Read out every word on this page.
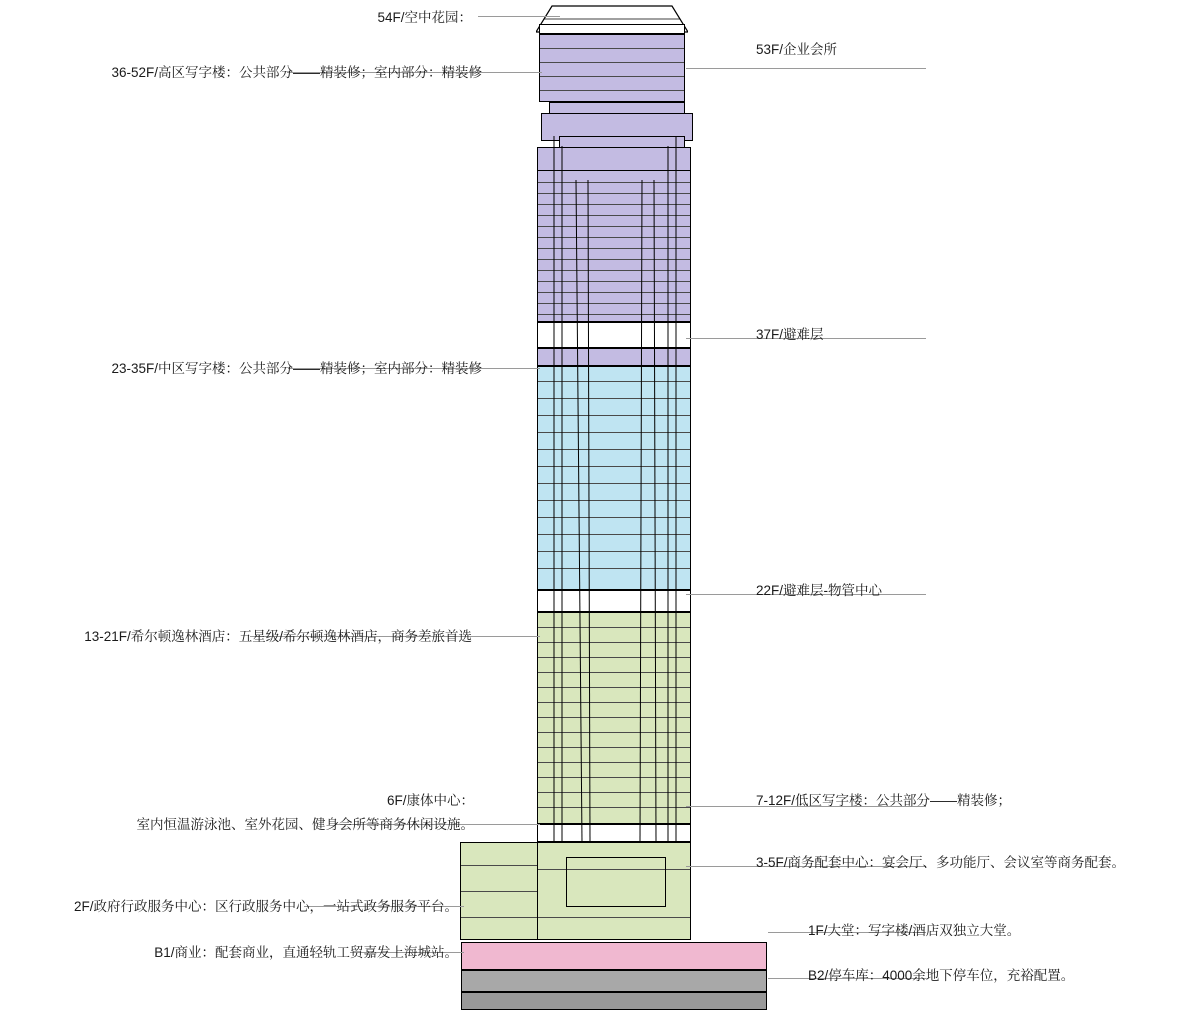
54F/空中花园：
36-52F/高区写字楼：公共部分——精装修；室内部分：精装修
23-35F/中区写字楼：公共部分——精装修；室内部分：精装修
13-21F/希尔顿逸林酒店：五星级/希尔顿逸林酒店，商务差旅首选
6F/康体中心：
室内恒温游泳池、室外花园、健身会所等商务休闲设施。
2F/政府行政服务中心：区行政服务中心，一站式政务服务平台。
B1/商业：配套商业，直通轻轨工贸嘉发上海城站。
53F/企业会所
37F/避难层
22F/避难层-物管中心
7-12F/低区写字楼：公共部分——精装修；
3-5F/商务配套中心：宴会厅、多功能厅、会议室等商务配套。
1F/大堂：写字楼/酒店双独立大堂。
B2/停车库：4000余地下停车位，充裕配置。
